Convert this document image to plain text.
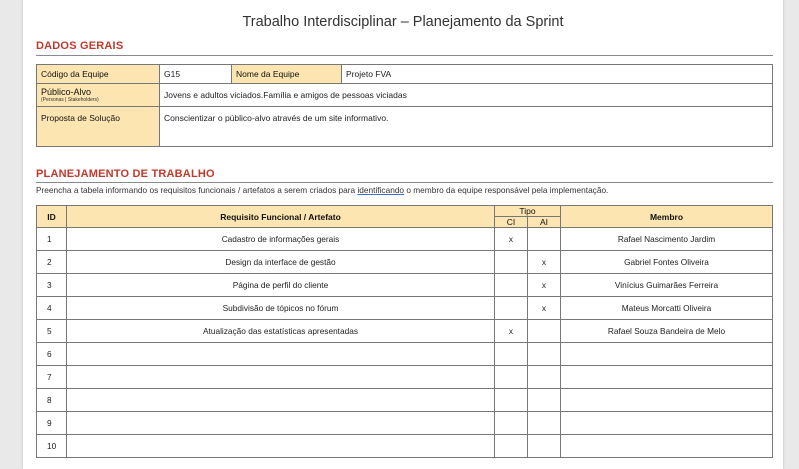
Trabalho Interdisciplinar – Planejamento da Sprint
DADOS GERAIS
Código da Equipe	G15	Nome da Equipe	Projeto FVA
Público-Alvo
(Personas | Stakeholders)	Jovens e adultos viciados.Família e amigos de pessoas viciadas		
Proposta de Solução	Conscientizar o público-alvo através de um site informativo.		
PLANEJAMENTO DE TRABALHO
Preencha a tabela informando os requisitos funcionais / artefatos a serem criados para identificando o membro da equipe responsável pela implementação.
ID	Requisito Funcional / Artefato	Tipo		Membro
		CI	AI	
1	Cadastro de informações gerais	x		Rafael Nascimento Jardim
2	Design da interface de gestão		x	Gabriel Fontes Oliveira
3	Página de perfil do cliente		x	Vinícius Guimarães Ferreira
4	Subdivisão de tópicos no fórum		x	Mateus Morcatti Oliveira
5	Atualização das estatísticas apresentadas	x		Rafael Souza Bandeira de Melo
6				
7				
8				
9				
10				
